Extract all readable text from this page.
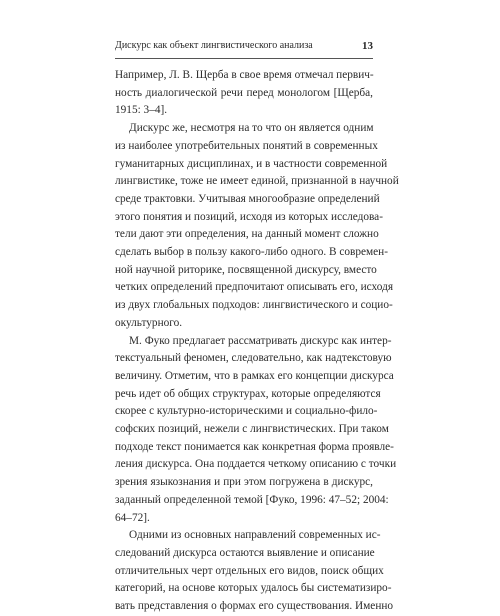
Дискурс как объект лингвистического анализа	13
Например, Л. В. Щерба в свое время отмечал первич-
ность диалогической речи перед монологом [Щерба,
1915: 3–4].
Дискурс же, несмотря на то что он является одним
из наиболее употребительных понятий в современных
гуманитарных дисциплинах, и в частности современной
лингвистике, тоже не имеет единой, признанной в научной
среде трактовки. Учитывая многообразие определений
этого понятия и позиций, исходя из которых исследова-
тели дают эти определения, на данный момент сложно
сделать выбор в пользу какого-либо одного. В современ-
ной научной риторике, посвященной дискурсу, вместо
четких определений предпочитают описывать его, исходя
из двух глобальных подходов: лингвистического и социо-
окультурного.
М. Фуко предлагает рассматривать дискурс как интер-
текстуальный феномен, следовательно, как надтекстовую
величину. Отметим, что в рамках его концепции дискурса
речь идет об общих структурах, которые определяются
скорее с культурно-историческими и социально-фило-
софских позиций, нежели с лингвистических. При таком
подходе текст понимается как конкретная форма проявле-
ления дискурса. Она поддается четкому описанию с точки
зрения языкознания и при этом погружена в дискурс,
заданный определенной темой [Фуко, 1996: 47–52; 2004:
64–72].
Одними из основных направлений современных ис-
следований дискурса остаются выявление и описание
отличительных черт отдельных его видов, поиск общих
категорий, на основе которых удалось бы систематизиро-
вать представления о формах его существования. Именно
